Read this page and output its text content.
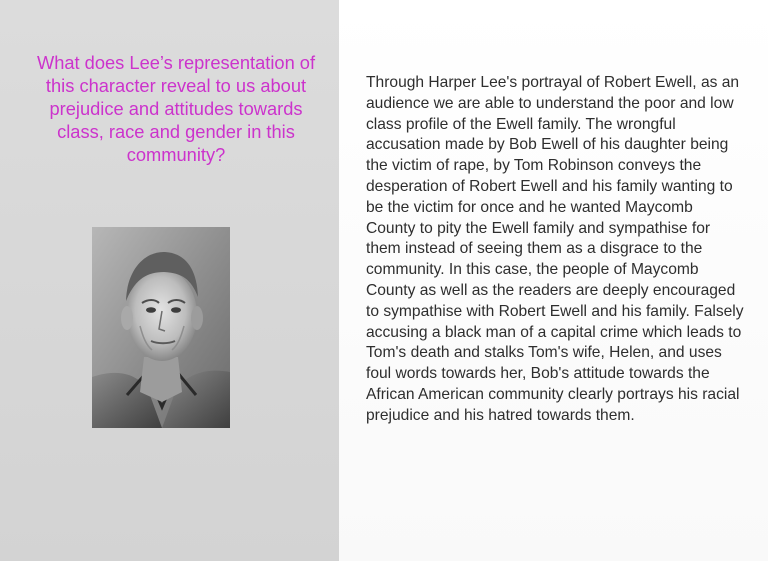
What does Lee’s representation of this character reveal to us about prejudice and attitudes towards class, race and gender in this community?

Through Harper Lee's portrayal of Robert Ewell, as an audience we are able to understand the poor and low class profile of the Ewell family. The wrongful accusation made by Bob Ewell of his daughter being the victim of rape, by Tom Robinson conveys the desperation of Robert Ewell and his family wanting to be the victim for once and he wanted Maycomb County to pity the Ewell family and sympathise for them instead of seeing them as a disgrace to the community. In this case, the people of Maycomb County as well as the readers are deeply encouraged to sympathise with Robert Ewell and his family. Falsely accusing a black man of a capital crime which leads to Tom's death and stalks Tom's wife, Helen, and uses foul words towards her, Bob's attitude towards the African American community clearly portrays his racial prejudice and his hatred towards them.
